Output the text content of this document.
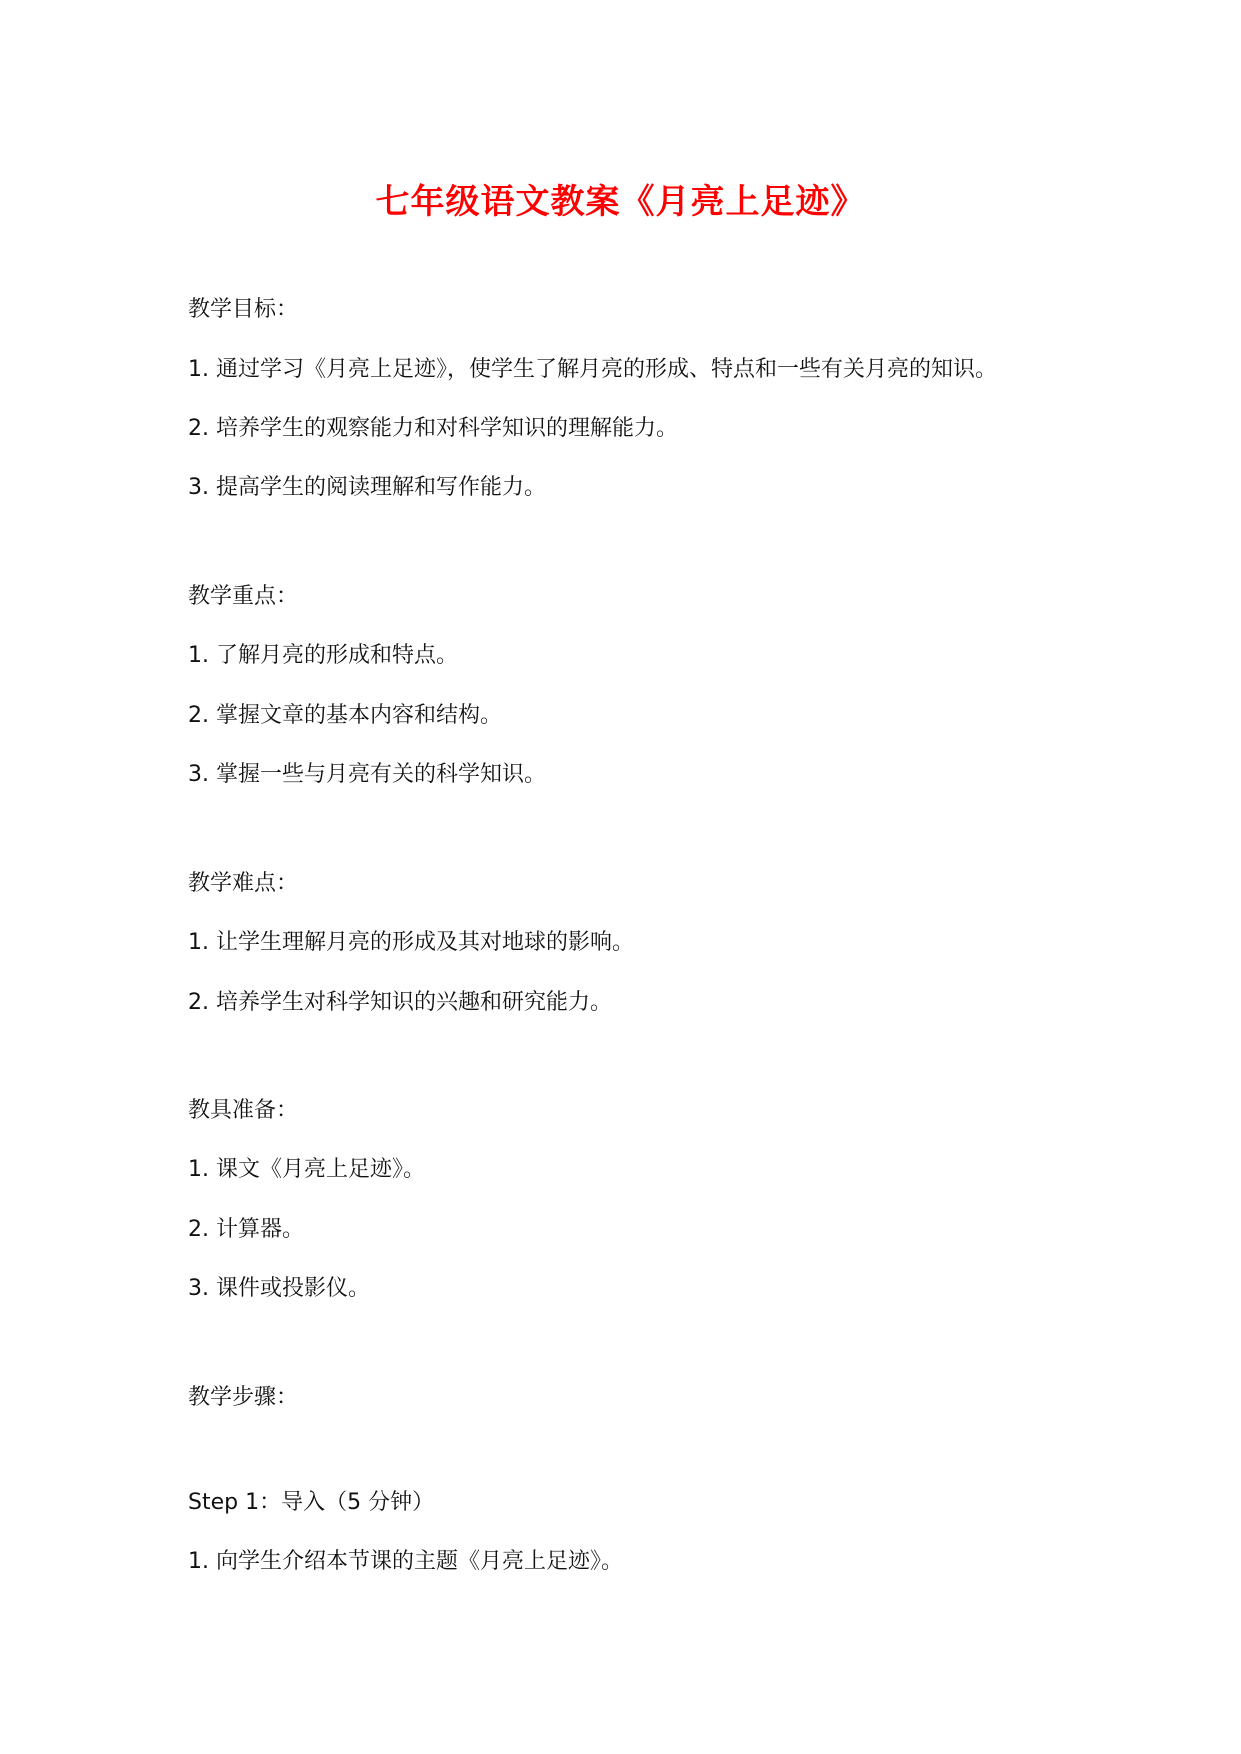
七年级语文教案《月亮上足迹》
教学目标：
1. 通过学习《月亮上足迹》，使学生了解月亮的形成、特点和一些有关月亮的知识。
2. 培养学生的观察能力和对科学知识的理解能力。
3. 提高学生的阅读理解和写作能力。
教学重点：
1. 了解月亮的形成和特点。
2. 掌握文章的基本内容和结构。
3. 掌握一些与月亮有关的科学知识。
教学难点：
1. 让学生理解月亮的形成及其对地球的影响。
2. 培养学生对科学知识的兴趣和研究能力。
教具准备：
1. 课文《月亮上足迹》。
2. 计算器。
3. 课件或投影仪。
教学步骤：
Step 1：导入（5 分钟）
1. 向学生介绍本节课的主题《月亮上足迹》。
